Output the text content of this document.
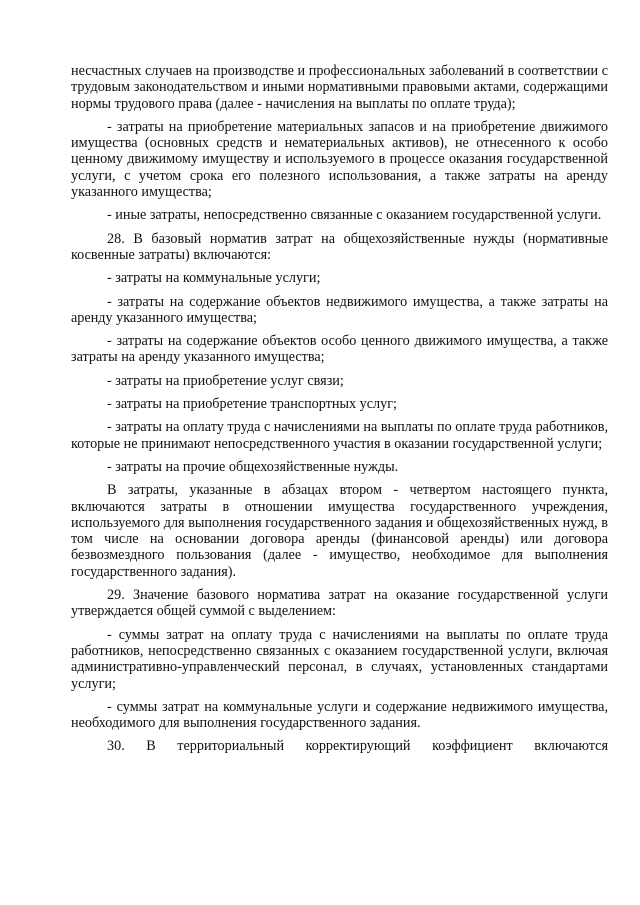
несчастных случаев на производстве и профессиональных заболеваний в соответствии с трудовым законодательством и иными нормативными правовыми актами, содержащими нормы трудового права (далее - начисления на выплаты по оплате труда);

- затраты на приобретение материальных запасов и на приобретение движимого имущества (основных средств и нематериальных активов), не отнесенного к особо ценному движимому имуществу и используемого в процессе оказания государственной услуги, с учетом срока его полезного использования, а также затраты на аренду указанного имущества;

- иные затраты, непосредственно связанные с оказанием государственной услуги.

28. В базовый норматив затрат на общехозяйственные нужды (нормативные косвенные затраты) включаются:

- затраты на коммунальные услуги;

- затраты на содержание объектов недвижимого имущества, а также затраты на аренду указанного имущества;

- затраты на содержание объектов особо ценного движимого имущества, а также затраты на аренду указанного имущества;

- затраты на приобретение услуг связи;

- затраты на приобретение транспортных услуг;

- затраты на оплату труда с начислениями на выплаты по оплате труда работников, которые не принимают непосредственного участия в оказании государственной услуги;

- затраты на прочие общехозяйственные нужды.

В затраты, указанные в абзацах втором - четвертом настоящего пункта, включаются затраты в отношении имущества государственного учреждения, используемого для выполнения государственного задания и общехозяйственных нужд, в том числе на основании договора аренды (финансовой аренды) или договора безвозмездного пользования (далее - имущество, необходимое для выполнения государственного задания).

29. Значение базового норматива затрат на оказание государственной услуги утверждается общей суммой с выделением:

- суммы затрат на оплату труда с начислениями на выплаты по оплате труда работников, непосредственно связанных с оказанием государственной услуги, включая административно-управленческий персонал, в случаях, установленных стандартами услуги;

- суммы затрат на коммунальные услуги и содержание недвижимого имущества, необходимого для выполнения государственного задания.

30. В территориальный корректирующий коэффициент включаются
